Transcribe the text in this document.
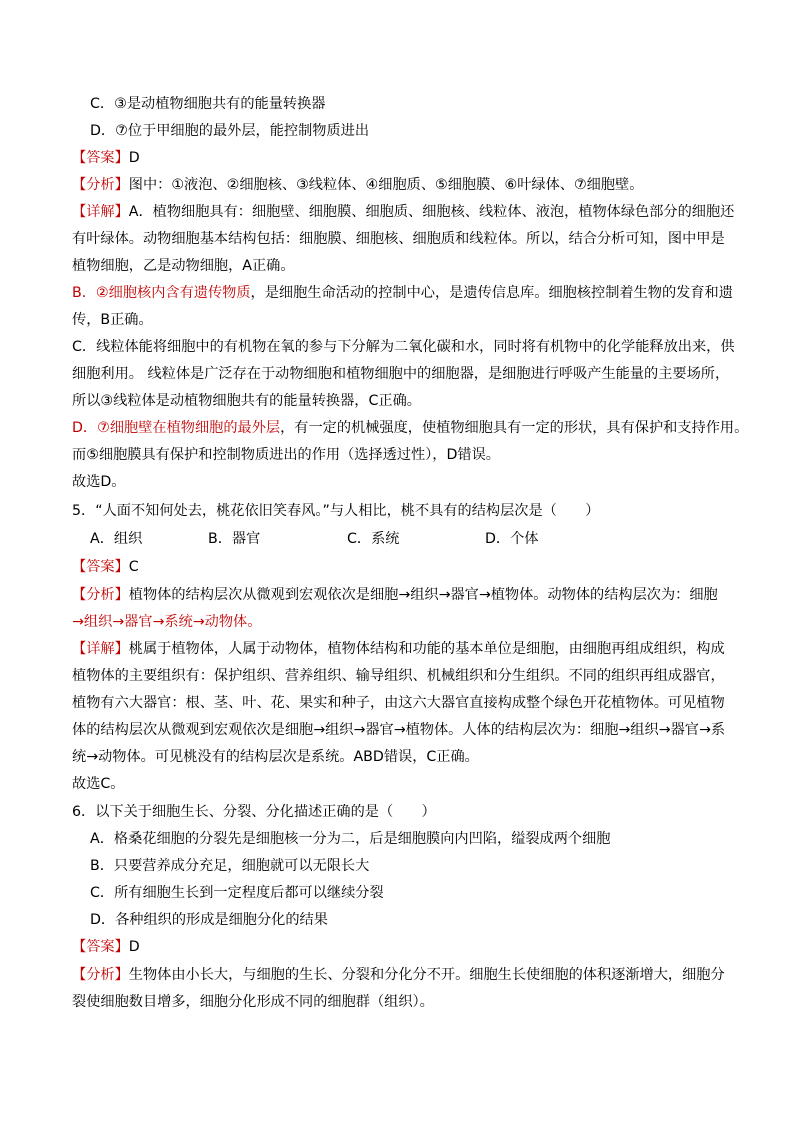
C．③是动植物细胞共有的能量转换器
D．⑦位于甲细胞的最外层，能控制物质进出
【答案】D
【分析】图中：①液泡、②细胞核、③线粒体、④细胞质、⑤细胞膜、⑥叶绿体、⑦细胞壁。
【详解】A．植物细胞具有：细胞壁、细胞膜、细胞质、细胞核、线粒体、液泡，植物体绿色部分的细胞还
有叶绿体。动物细胞基本结构包括：细胞膜、细胞核、细胞质和线粒体。所以，结合分析可知，图中甲是
植物细胞，乙是动物细胞，A正确。
B．②细胞核内含有遗传物质，是细胞生命活动的控制中心，是遗传信息库。细胞核控制着生物的发育和遗
传，B正确。
C．线粒体能将细胞中的有机物在氧的参与下分解为二氧化碳和水，同时将有机物中的化学能释放出来，供
细胞利用。 线粒体是广泛存在于动物细胞和植物细胞中的细胞器，是细胞进行呼吸产生能量的主要场所，
所以③线粒体是动植物细胞共有的能量转换器，C正确。
D．⑦细胞壁在植物细胞的最外层，有一定的机械强度，使植物细胞具有一定的形状，具有保护和支持作用。
而⑤细胞膜具有保护和控制物质进出的作用（选择透过性），D错误。
故选D。
5．“人面不知何处去，桃花依旧笑春风。”与人相比，桃不具有的结构层次是（　　）
A．组织	B．器官	C．系统	D．个体
【答案】C
【分析】植物体的结构层次从微观到宏观依次是细胞→组织→器官→植物体。动物体的结构层次为：细胞
→组织→器官→系统→动物体。
【详解】桃属于植物体，人属于动物体，植物体结构和功能的基本单位是细胞，由细胞再组成组织，构成
植物体的主要组织有：保护组织、营养组织、输导组织、机械组织和分生组织。不同的组织再组成器官，
植物有六大器官：根、茎、叶、花、果实和种子，由这六大器官直接构成整个绿色开花植物体。可见植物
体的结构层次从微观到宏观依次是细胞→组织→器官→植物体。人体的结构层次为：细胞→组织→器官→系
统→动物体。可见桃没有的结构层次是系统。ABD错误，C正确。
故选C。
6．以下关于细胞生长、分裂、分化描述正确的是（　　）
A．格桑花细胞的分裂先是细胞核一分为二，后是细胞膜向内凹陷，缢裂成两个细胞
B．只要营养成分充足，细胞就可以无限长大
C．所有细胞生长到一定程度后都可以继续分裂
D．各种组织的形成是细胞分化的结果
【答案】D
【分析】生物体由小长大，与细胞的生长、分裂和分化分不开。细胞生长使细胞的体积逐渐增大，细胞分
裂使细胞数目增多，细胞分化形成不同的细胞群（组织）。
